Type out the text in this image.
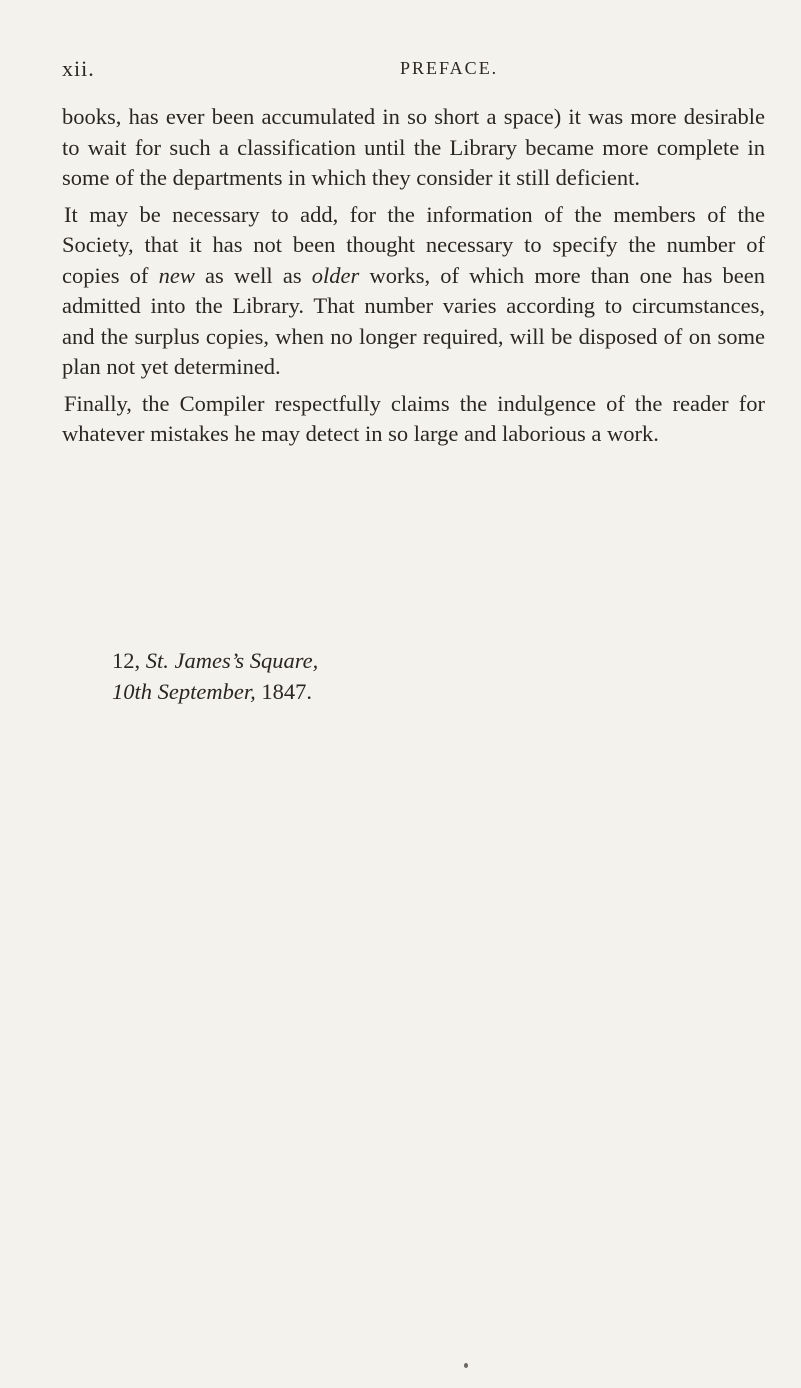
xii.	PREFACE.

books, has ever been accumulated in so short a space) it was more desirable to wait for such a classification until the Library became more complete in some of the departments in which they consider it still deficient.

It may be necessary to add, for the information of the members of the Society, that it has not been thought necessary to specify the number of copies of new as well as older works, of which more than one has been admitted into the Library. That number varies according to circumstances, and the surplus copies, when no longer required, will be disposed of on some plan not yet determined.

Finally, the Compiler respectfully claims the indulgence of the reader for whatever mistakes he may detect in so large and laborious a work.

12, St. James’s Square,
10th September, 1847.
